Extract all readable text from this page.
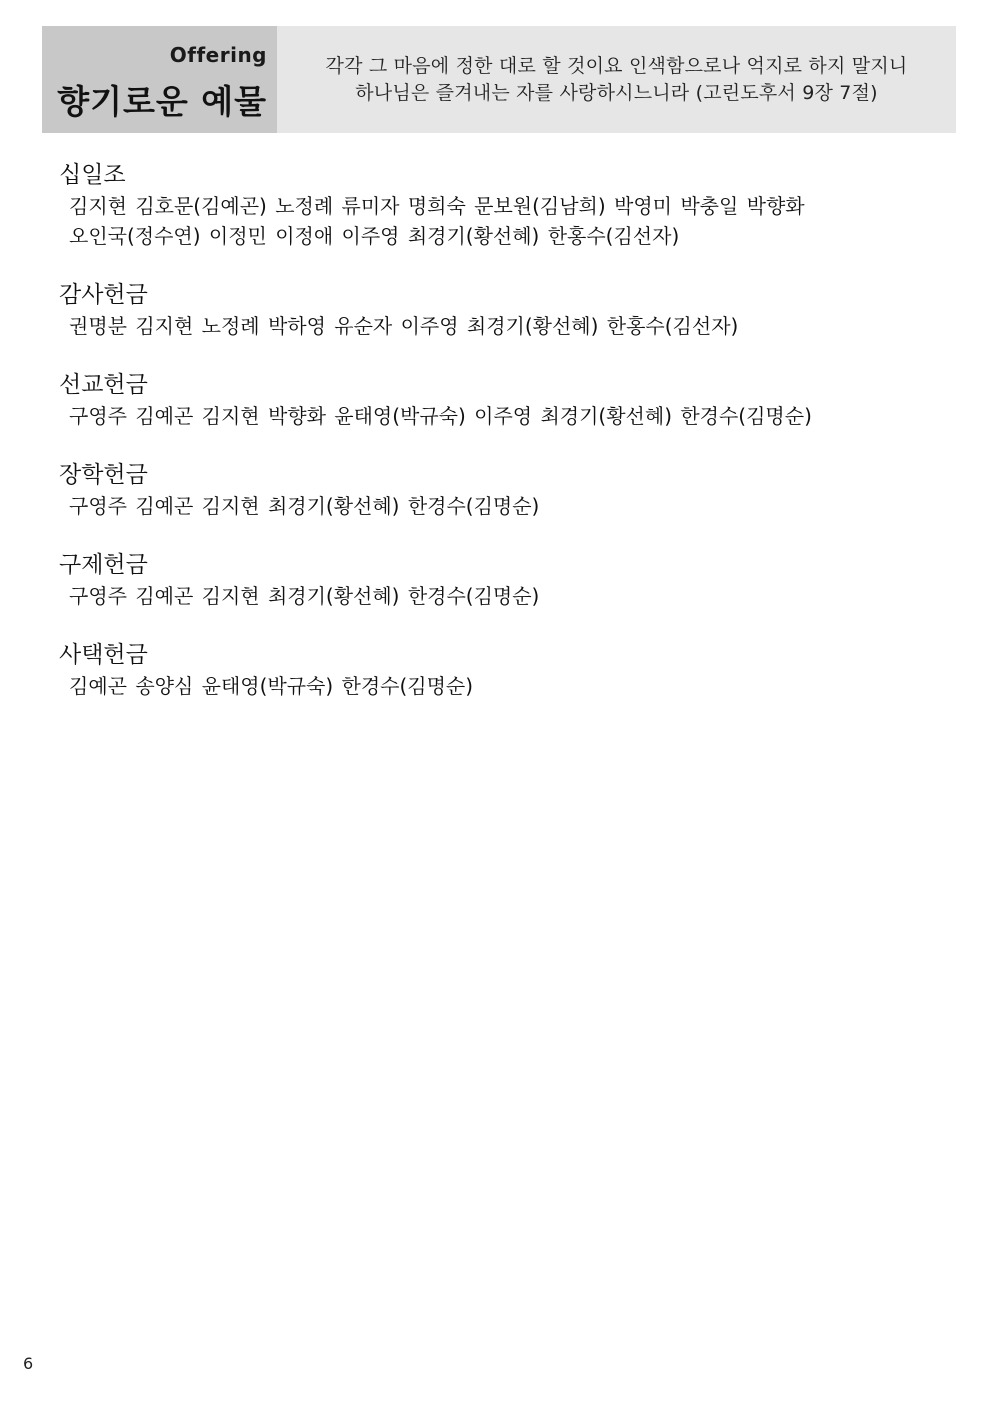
Offering
향기로운 예물
각각 그 마음에 정한 대로 할 것이요 인색함으로나 억지로 하지 말지니
하나님은 즐겨내는 자를 사랑하시느니라 (고린도후서 9장 7절)
십일조
김지현 김호문(김예곤) 노정례 류미자 명희숙 문보원(김남희) 박영미 박충일 박향화
오인국(정수연) 이정민 이정애 이주영 최경기(황선혜) 한홍수(김선자)
감사헌금
권명분 김지현 노정례 박하영 유순자 이주영 최경기(황선혜) 한홍수(김선자)
선교헌금
구영주 김예곤 김지현 박향화 윤태영(박규숙) 이주영 최경기(황선혜) 한경수(김명순)
장학헌금
구영주 김예곤 김지현 최경기(황선혜) 한경수(김명순)
구제헌금
구영주 김예곤 김지현 최경기(황선혜) 한경수(김명순)
사택헌금
김예곤 송양심 윤태영(박규숙) 한경수(김명순)
6
